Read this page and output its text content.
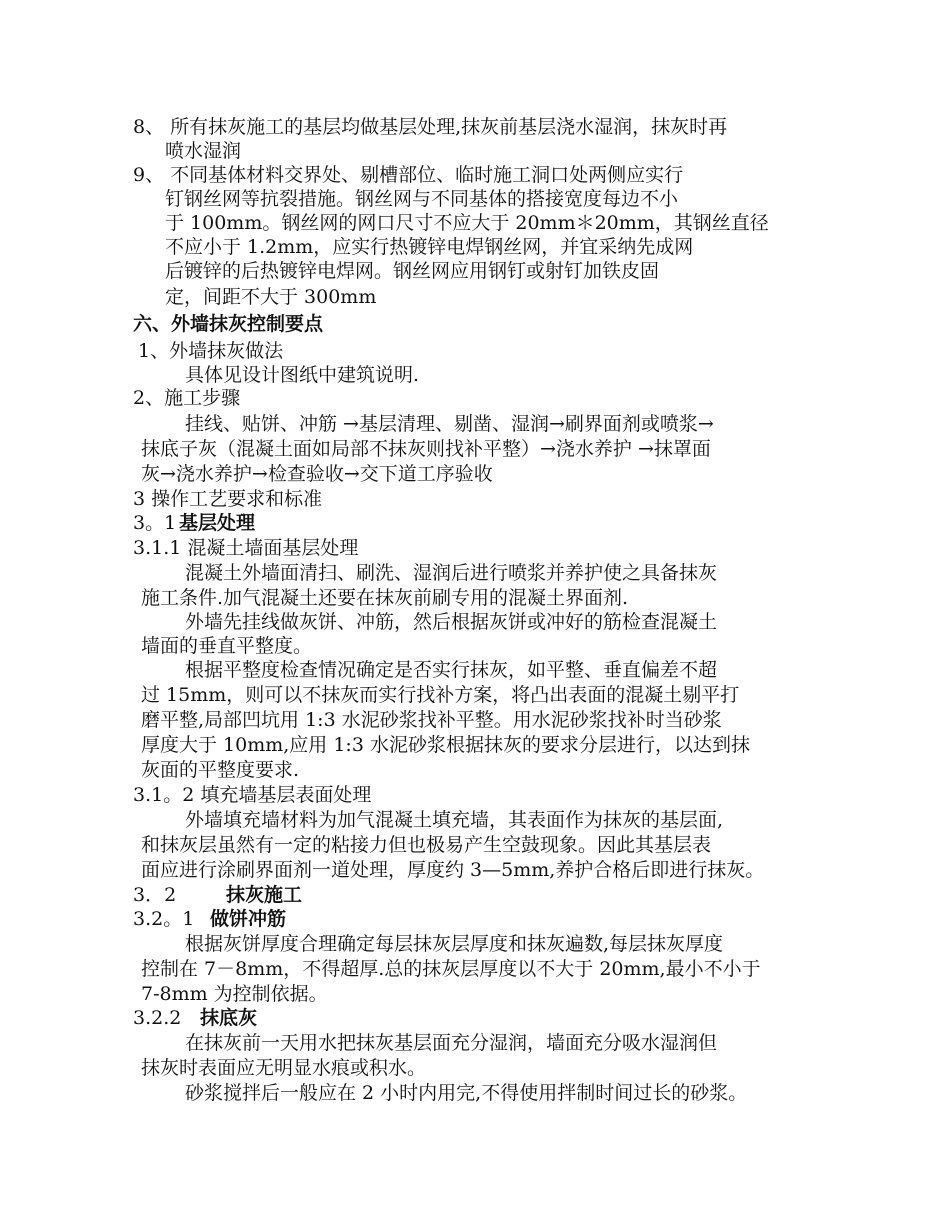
8、 所有抹灰施工的基层均做基层处理,抹灰前基层浇水湿润，抹灰时再
喷水湿润
9、 不同基体材料交界处、剔槽部位、临时施工洞口处两侧应实行
钉钢丝网等抗裂措施。钢丝网与不同基体的搭接宽度每边不小
于 100mm。钢丝网的网口尺寸不应大于 20mm＊20mm，其钢丝直径
不应小于 1.2mm，应实行热镀锌电焊钢丝网，并宜采纳先成网
后镀锌的后热镀锌电焊网。钢丝网应用钢钉或射钉加铁皮固
定，间距不大于 300mm
六、外墙抹灰控制要点
1、外墙抹灰做法
具体见设计图纸中建筑说明.
2、施工步骤
挂线、贴饼、冲筋 →基层清理、剔凿、湿润→刷界面剂或喷浆→
抹底子灰（混凝土面如局部不抹灰则找补平整）→浇水养护 →抹罩面
灰→浇水养护→检查验收→交下道工序验收
3 操作工艺要求和标准
3。1 基层处理
3.1.1 混凝土墙面基层处理
混凝土外墙面清扫、刷洗、湿润后进行喷浆并养护使之具备抹灰
施工条件.加气混凝土还要在抹灰前刷专用的混凝土界面剂.
外墙先挂线做灰饼、冲筋，然后根据灰饼或冲好的筋检查混凝土
墙面的垂直平整度。
根据平整度检查情况确定是否实行抹灰，如平整、垂直偏差不超
过 15mm，则可以不抹灰而实行找补方案，将凸出表面的混凝土剔平打
磨平整,局部凹坑用 1:3 水泥砂浆找补平整。用水泥砂浆找补时当砂浆
厚度大于 10mm,应用 1:3 水泥砂浆根据抹灰的要求分层进行，以达到抹
灰面的平整度要求.
3.1。2 填充墙基层表面处理
外墙填充墙材料为加气混凝土填充墙，其表面作为抹灰的基层面,
和抹灰层虽然有一定的粘接力但也极易产生空鼓现象。因此其基层表
面应进行涂刷界面剂一道处理，厚度约 3—5mm,养护合格后即进行抹灰。
3．2	抹灰施工
3.2。1 做饼冲筋
根据灰饼厚度合理确定每层抹灰层厚度和抹灰遍数,每层抹灰厚度
控制在 7－8mm，不得超厚.总的抹灰层厚度以不大于 20mm,最小不小于
7-8mm 为控制依据。
3.2.2 抹底灰
在抹灰前一天用水把抹灰基层面充分湿润，墙面充分吸水湿润但
抹灰时表面应无明显水痕或积水。
砂浆搅拌后一般应在 2 小时内用完,不得使用拌制时间过长的砂浆。
